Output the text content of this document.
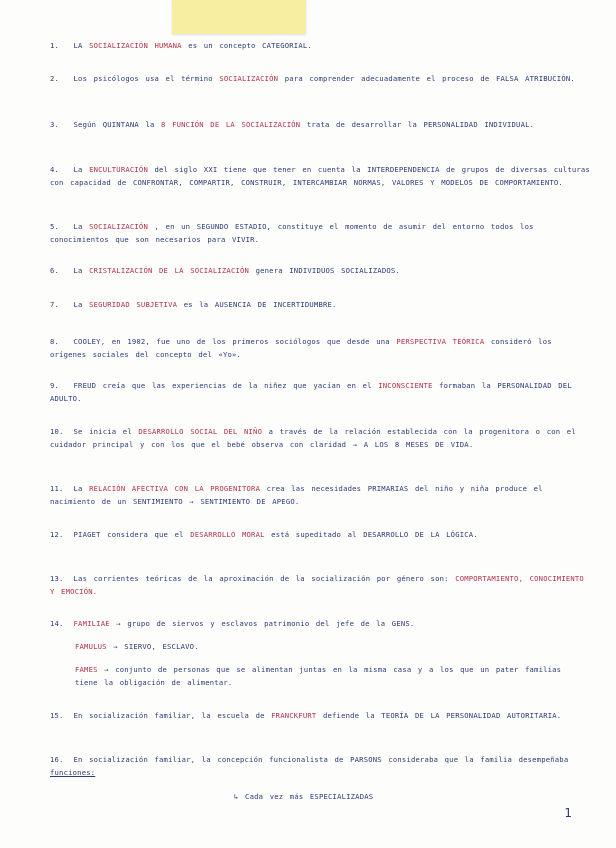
1. LA SOCIALIZACIÓN HUMANA es un concepto CATEGORIAL.
2. Los psicólogos usa el término SOCIALIZACIÓN para comprender adecuadamente el proceso de FALSA ATRIBUCIÓN.
3. Según QUINTANA la 8 FUNCIÓN DE LA SOCIALIZACIÓN trata de desarrollar la PERSONALIDAD INDIVIDUAL.
4. La ENCULTURACIÓN del siglo XXI tiene que tener en cuenta la INTERDEPENDENCIA de grupos de diversas culturas con capacidad de CONFRONTAR, COMPARTIR, CONSTRUIR, INTERCAMBIAR NORMAS, VALORES Y MODELOS DE COMPORTAMIENTO.
5. La SOCIALIZACIÓN , en un SEGUNDO ESTADIO, constituye el momento de asumir del entorno todos los conocimientos que son necesarios para VIVIR.
6. La CRISTALIZACIÓN DE LA SOCIALIZACIÓN genera INDIVIDUOS SOCIALIZADOS.
7. La SEGURIDAD SUBJETIVA es la AUSENCIA DE INCERTIDUMBRE.
8. COOLEY, en 1902, fue uno de los primeros sociólogos que desde una PERSPECTIVA TEÓRICA consideró los orígenes sociales del concepto del «Yo».
9. FREUD creía que las experiencias de la niñez que yacían en el INCONSCIENTE formaban la PERSONALIDAD DEL ADULTO.
10. Se inicia el DESARROLLO SOCIAL DEL NIÑO a través de la relación establecida con la progenitora o con el cuidador principal y con los que el bebé observa con claridad → A LOS 8 MESES DE VIDA.
11. La RELACIÓN AFECTIVA CON LA PROGENITORA crea las necesidades PRIMARIAS del niño y niña produce el nacimiento de un SENTIMIENTO → SENTIMIENTO DE APEGO.
12. PIAGET considera que el DESARROLLO MORAL está supeditado al DESARROLLO DE LA LÓGICA.
13. Las corrientes teóricas de la aproximación de la socialización por género son: COMPORTAMIENTO, CONOCIMIENTO Y EMOCIÓN.
14. FAMILIAE → grupo de siervos y esclavos patrimonio del jefe de la GENS.
FAMULUS → SIERVO, ESCLAVO.
FAMES → conjunto de personas que se alimentan juntas en la misma casa y a los que un pater familias tiene la obligación de alimentar.
15. En socialización familiar, la escuela de FRANCKFURT defiende la TEORÍA DE LA PERSONALIDAD AUTORITARIA.
16. En socialización familiar, la concepción funcionalista de PARSONS consideraba que la familia desempeñaba funciones:
↳ Cada vez más ESPECIALIZADAS
1
